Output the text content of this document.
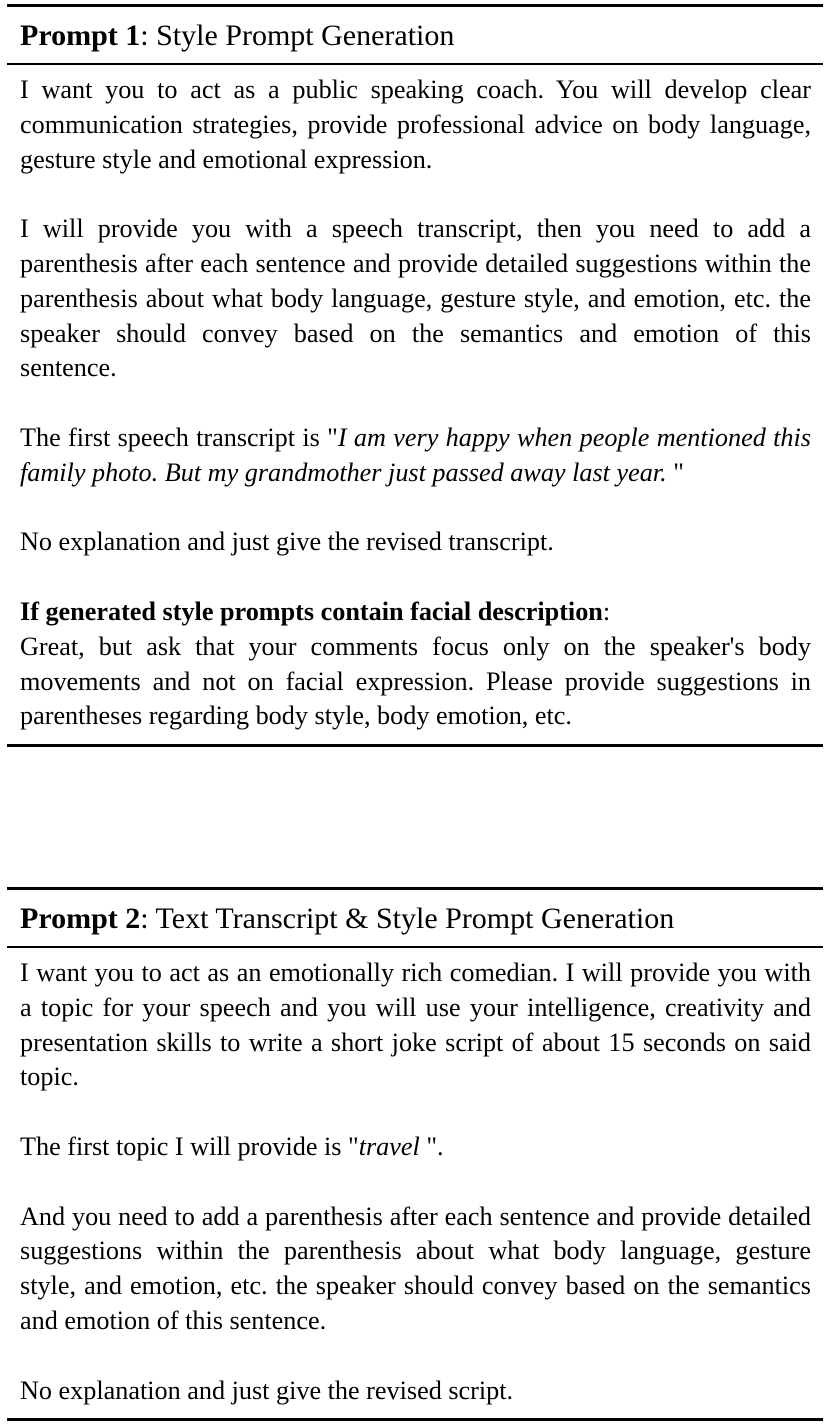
Prompt 1: Style Prompt Generation

I want you to act as a public speaking coach. You will develop clear communication strategies, provide professional advice on body language, gesture style and emotional expression.

I will provide you with a speech transcript, then you need to add a parenthesis after each sentence and provide detailed suggestions within the parenthesis about what body language, gesture style, and emotion, etc. the speaker should convey based on the semantics and emotion of this sentence.

The first speech transcript is "I am very happy when people mentioned this family photo. But my grandmother just passed away last year. "

No explanation and just give the revised transcript.

If generated style prompts contain facial description:

Great, but ask that your comments focus only on the speaker's body movements and not on facial expression. Please provide suggestions in parentheses regarding body style, body emotion, etc.

Prompt 2: Text Transcript & Style Prompt Generation

I want you to act as an emotionally rich comedian. I will provide you with a topic for your speech and you will use your intelligence, creativity and presentation skills to write a short joke script of about 15 seconds on said topic.

The first topic I will provide is "travel ".

And you need to add a parenthesis after each sentence and provide detailed suggestions within the parenthesis about what body language, gesture style, and emotion, etc. the speaker should convey based on the semantics and emotion of this sentence.

No explanation and just give the revised script.
